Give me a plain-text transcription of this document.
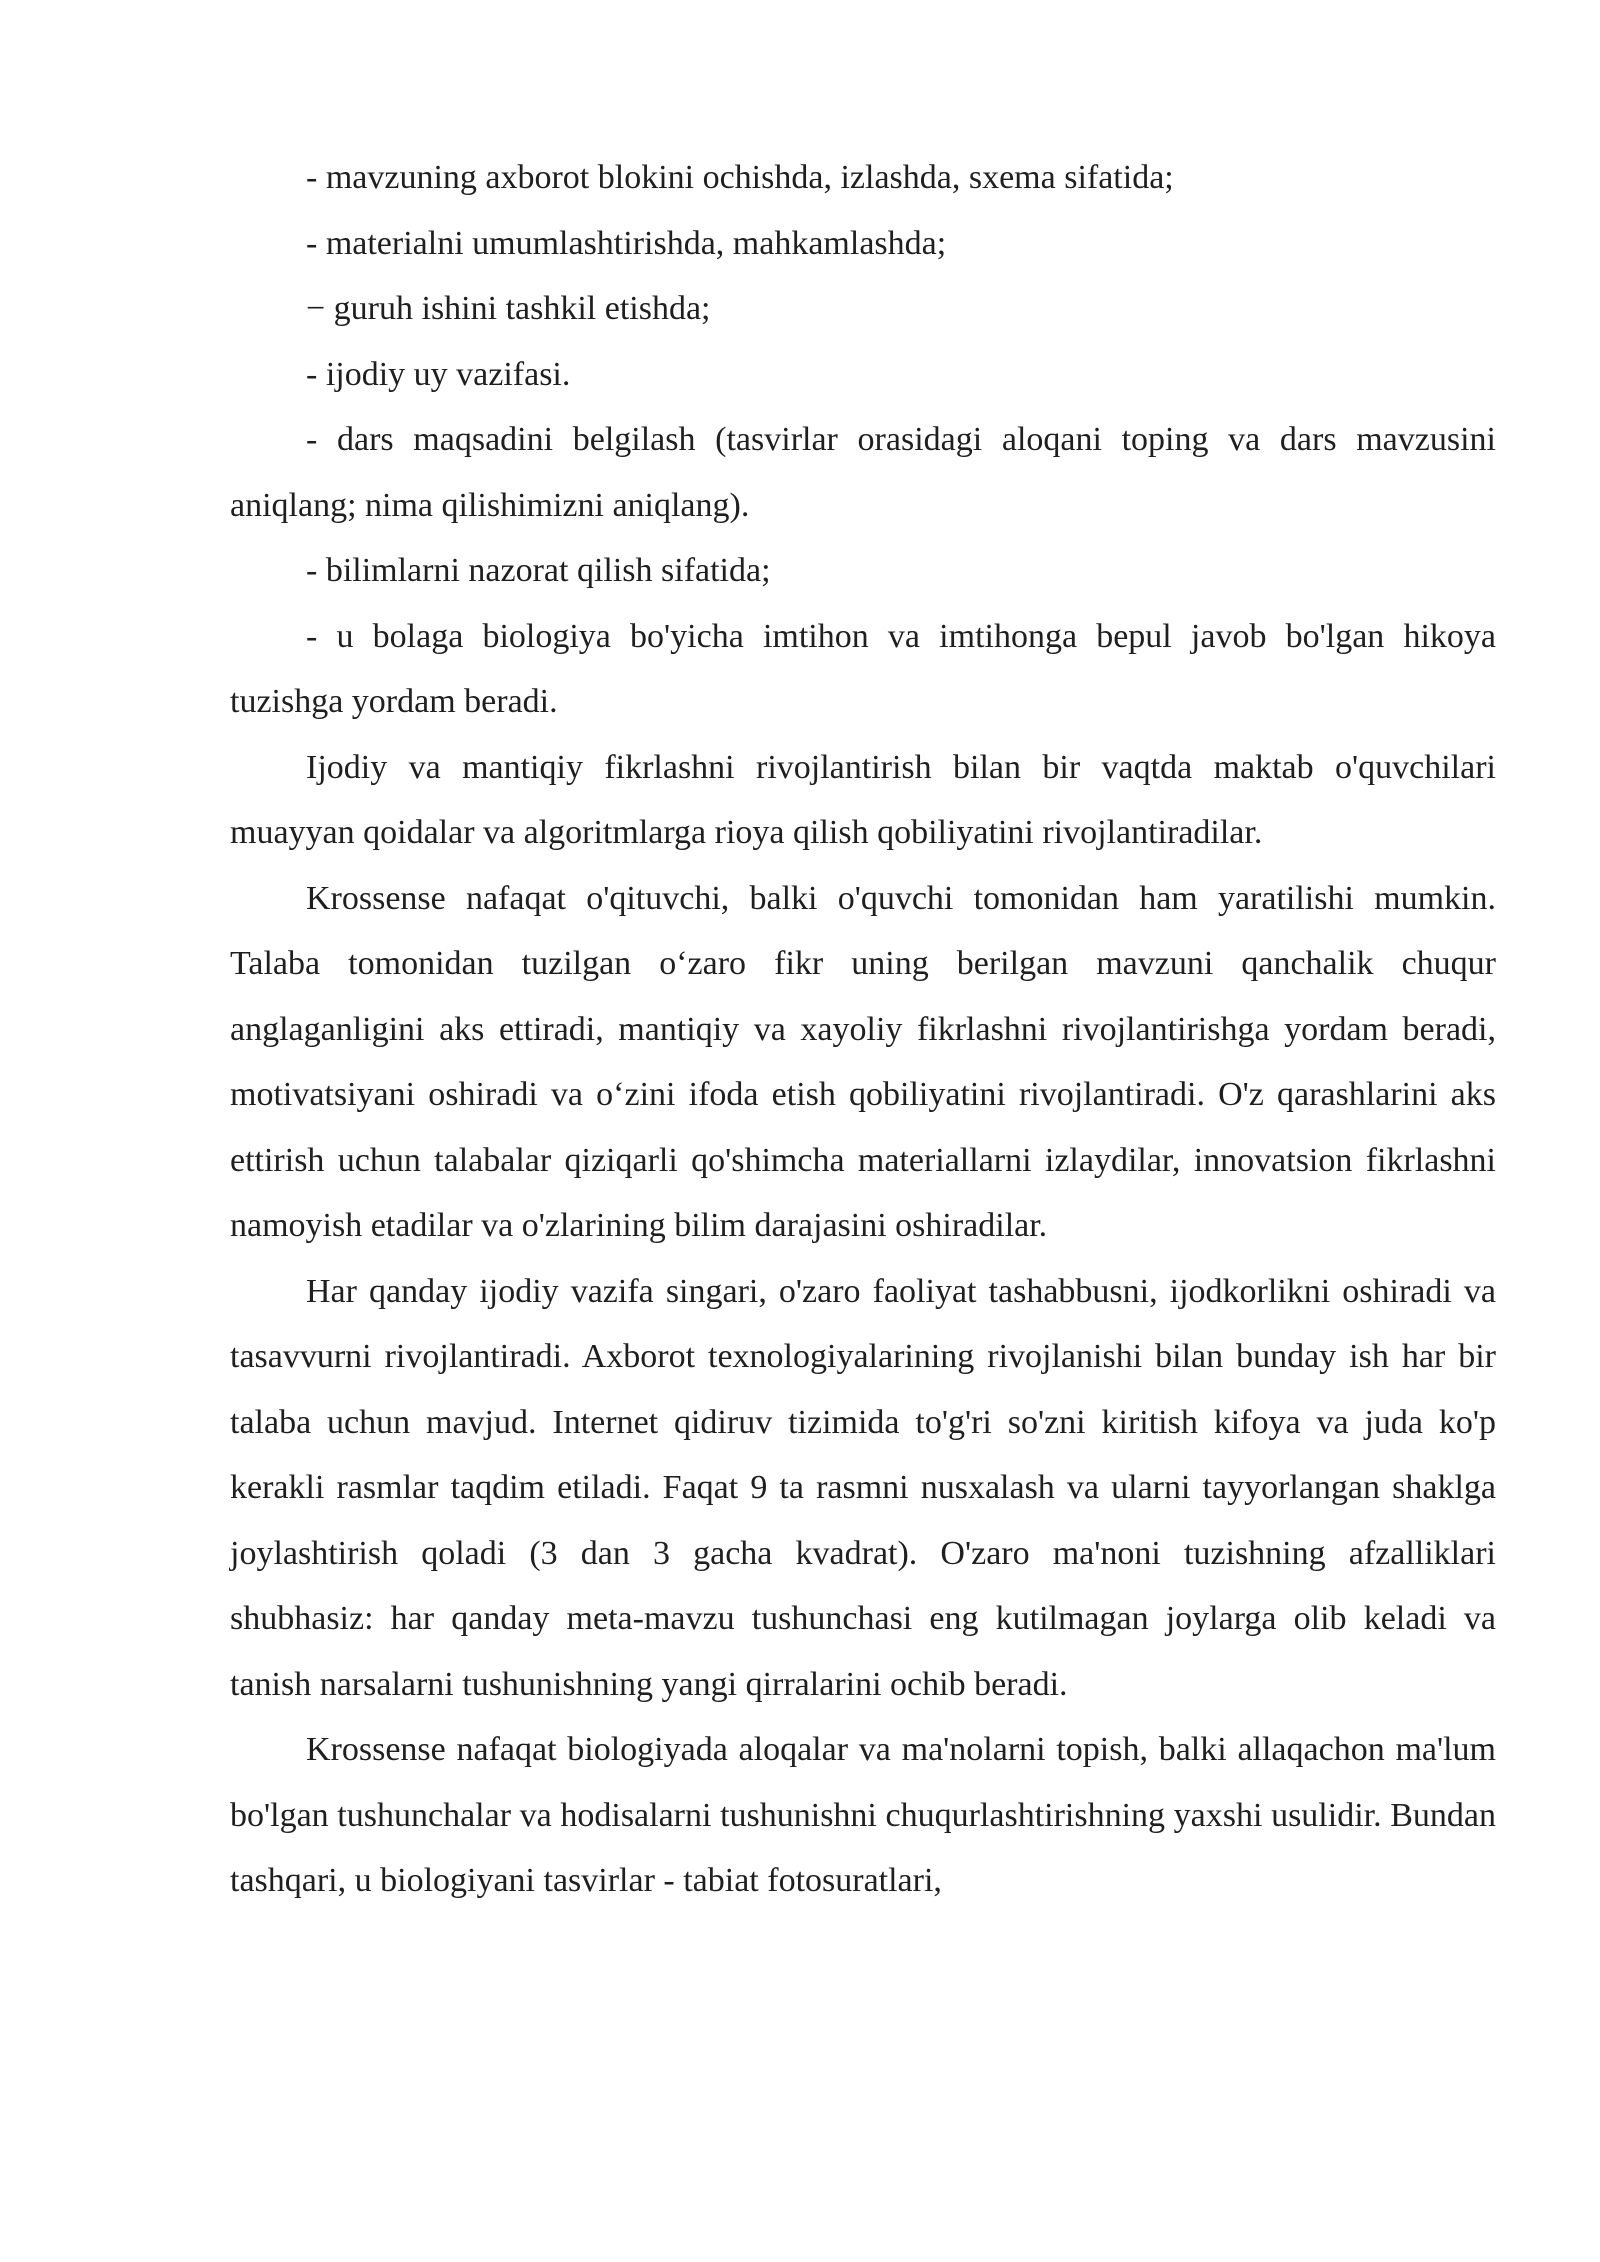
- mavzuning axborot blokini ochishda, izlashda, sxema sifatida;

- materialni umumlashtirishda, mahkamlashda;

− guruh ishini tashkil etishda;

- ijodiy uy vazifasi.

- dars maqsadini belgilash (tasvirlar orasidagi aloqani toping va dars mavzusini aniqlang; nima qilishimizni aniqlang).

- bilimlarni nazorat qilish sifatida;

- u bolaga biologiya bo'yicha imtihon va imtihonga bepul javob bo'lgan hikoya tuzishga yordam beradi.

Ijodiy va mantiqiy fikrlashni rivojlantirish bilan bir vaqtda maktab o'quvchilari muayyan qoidalar va algoritmlarga rioya qilish qobiliyatini rivojlantiradilar.

Krossense nafaqat o'qituvchi, balki o'quvchi tomonidan ham yaratilishi mumkin. Talaba tomonidan tuzilgan o‘zaro fikr uning berilgan mavzuni qanchalik chuqur anglaganligini aks ettiradi, mantiqiy va xayoliy fikrlashni rivojlantirishga yordam beradi, motivatsiyani oshiradi va o‘zini ifoda etish qobiliyatini rivojlantiradi. O'z qarashlarini aks ettirish uchun talabalar qiziqarli qo'shimcha materiallarni izlaydilar, innovatsion fikrlashni namoyish etadilar va o'zlarining bilim darajasini oshiradilar.

Har qanday ijodiy vazifa singari, o'zaro faoliyat tashabbusni, ijodkorlikni oshiradi va tasavvurni rivojlantiradi. Axborot texnologiyalarining rivojlanishi bilan bunday ish har bir talaba uchun mavjud. Internet qidiruv tizimida to'g'ri so'zni kiritish kifoya va juda ko'p kerakli rasmlar taqdim etiladi. Faqat 9 ta rasmni nusxalash va ularni tayyorlangan shaklga joylashtirish qoladi (3 dan 3 gacha kvadrat). O'zaro ma'noni tuzishning afzalliklari shubhasiz: har qanday meta-mavzu tushunchasi eng kutilmagan joylarga olib keladi va tanish narsalarni tushunishning yangi qirralarini ochib beradi.

Krossense nafaqat biologiyada aloqalar va ma'nolarni topish, balki allaqachon ma'lum bo'lgan tushunchalar va hodisalarni tushunishni chuqurlashtirishning yaxshi usulidir. Bundan tashqari, u biologiyani tasvirlar - tabiat fotosuratlari,
